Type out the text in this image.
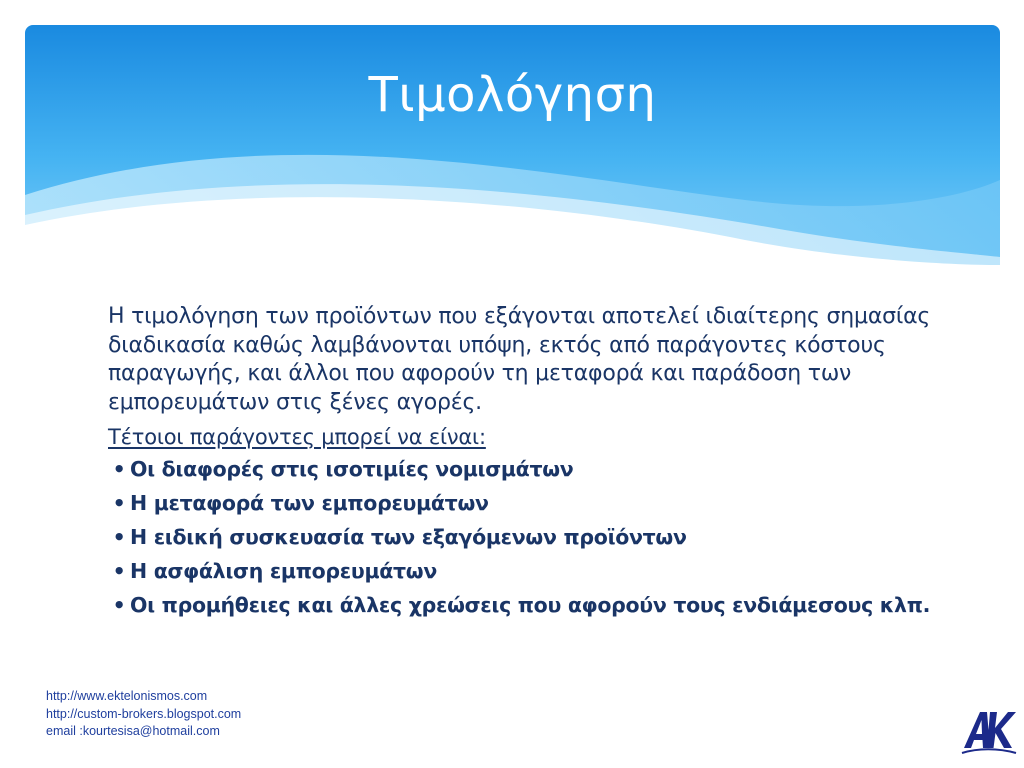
Τιμολόγηση

Η τιμολόγηση των προϊόντων που εξάγονται αποτελεί ιδιαίτερης σημασίας διαδικασία καθώς λαμβάνονται υπόψη, εκτός από παράγοντες κόστους παραγωγής, και άλλοι που αφορούν τη μεταφορά και παράδοση των εμπορευμάτων στις ξένες αγορές.

Τέτοιοι παράγοντες μπορεί να είναι:

• Οι διαφορές στις ισοτιμίες νομισμάτων
• Η μεταφορά των εμπορευμάτων
• Η ειδική συσκευασία των εξαγόμενων προϊόντων
• Η ασφάλιση εμπορευμάτων
• Οι προμήθειες και άλλες χρεώσεις που αφορούν τους ενδιάμεσους κλπ.
http://www.ektelonismos.com
http://custom-brokers.blogspot.com
email :kourtesisa@hotmail.com
